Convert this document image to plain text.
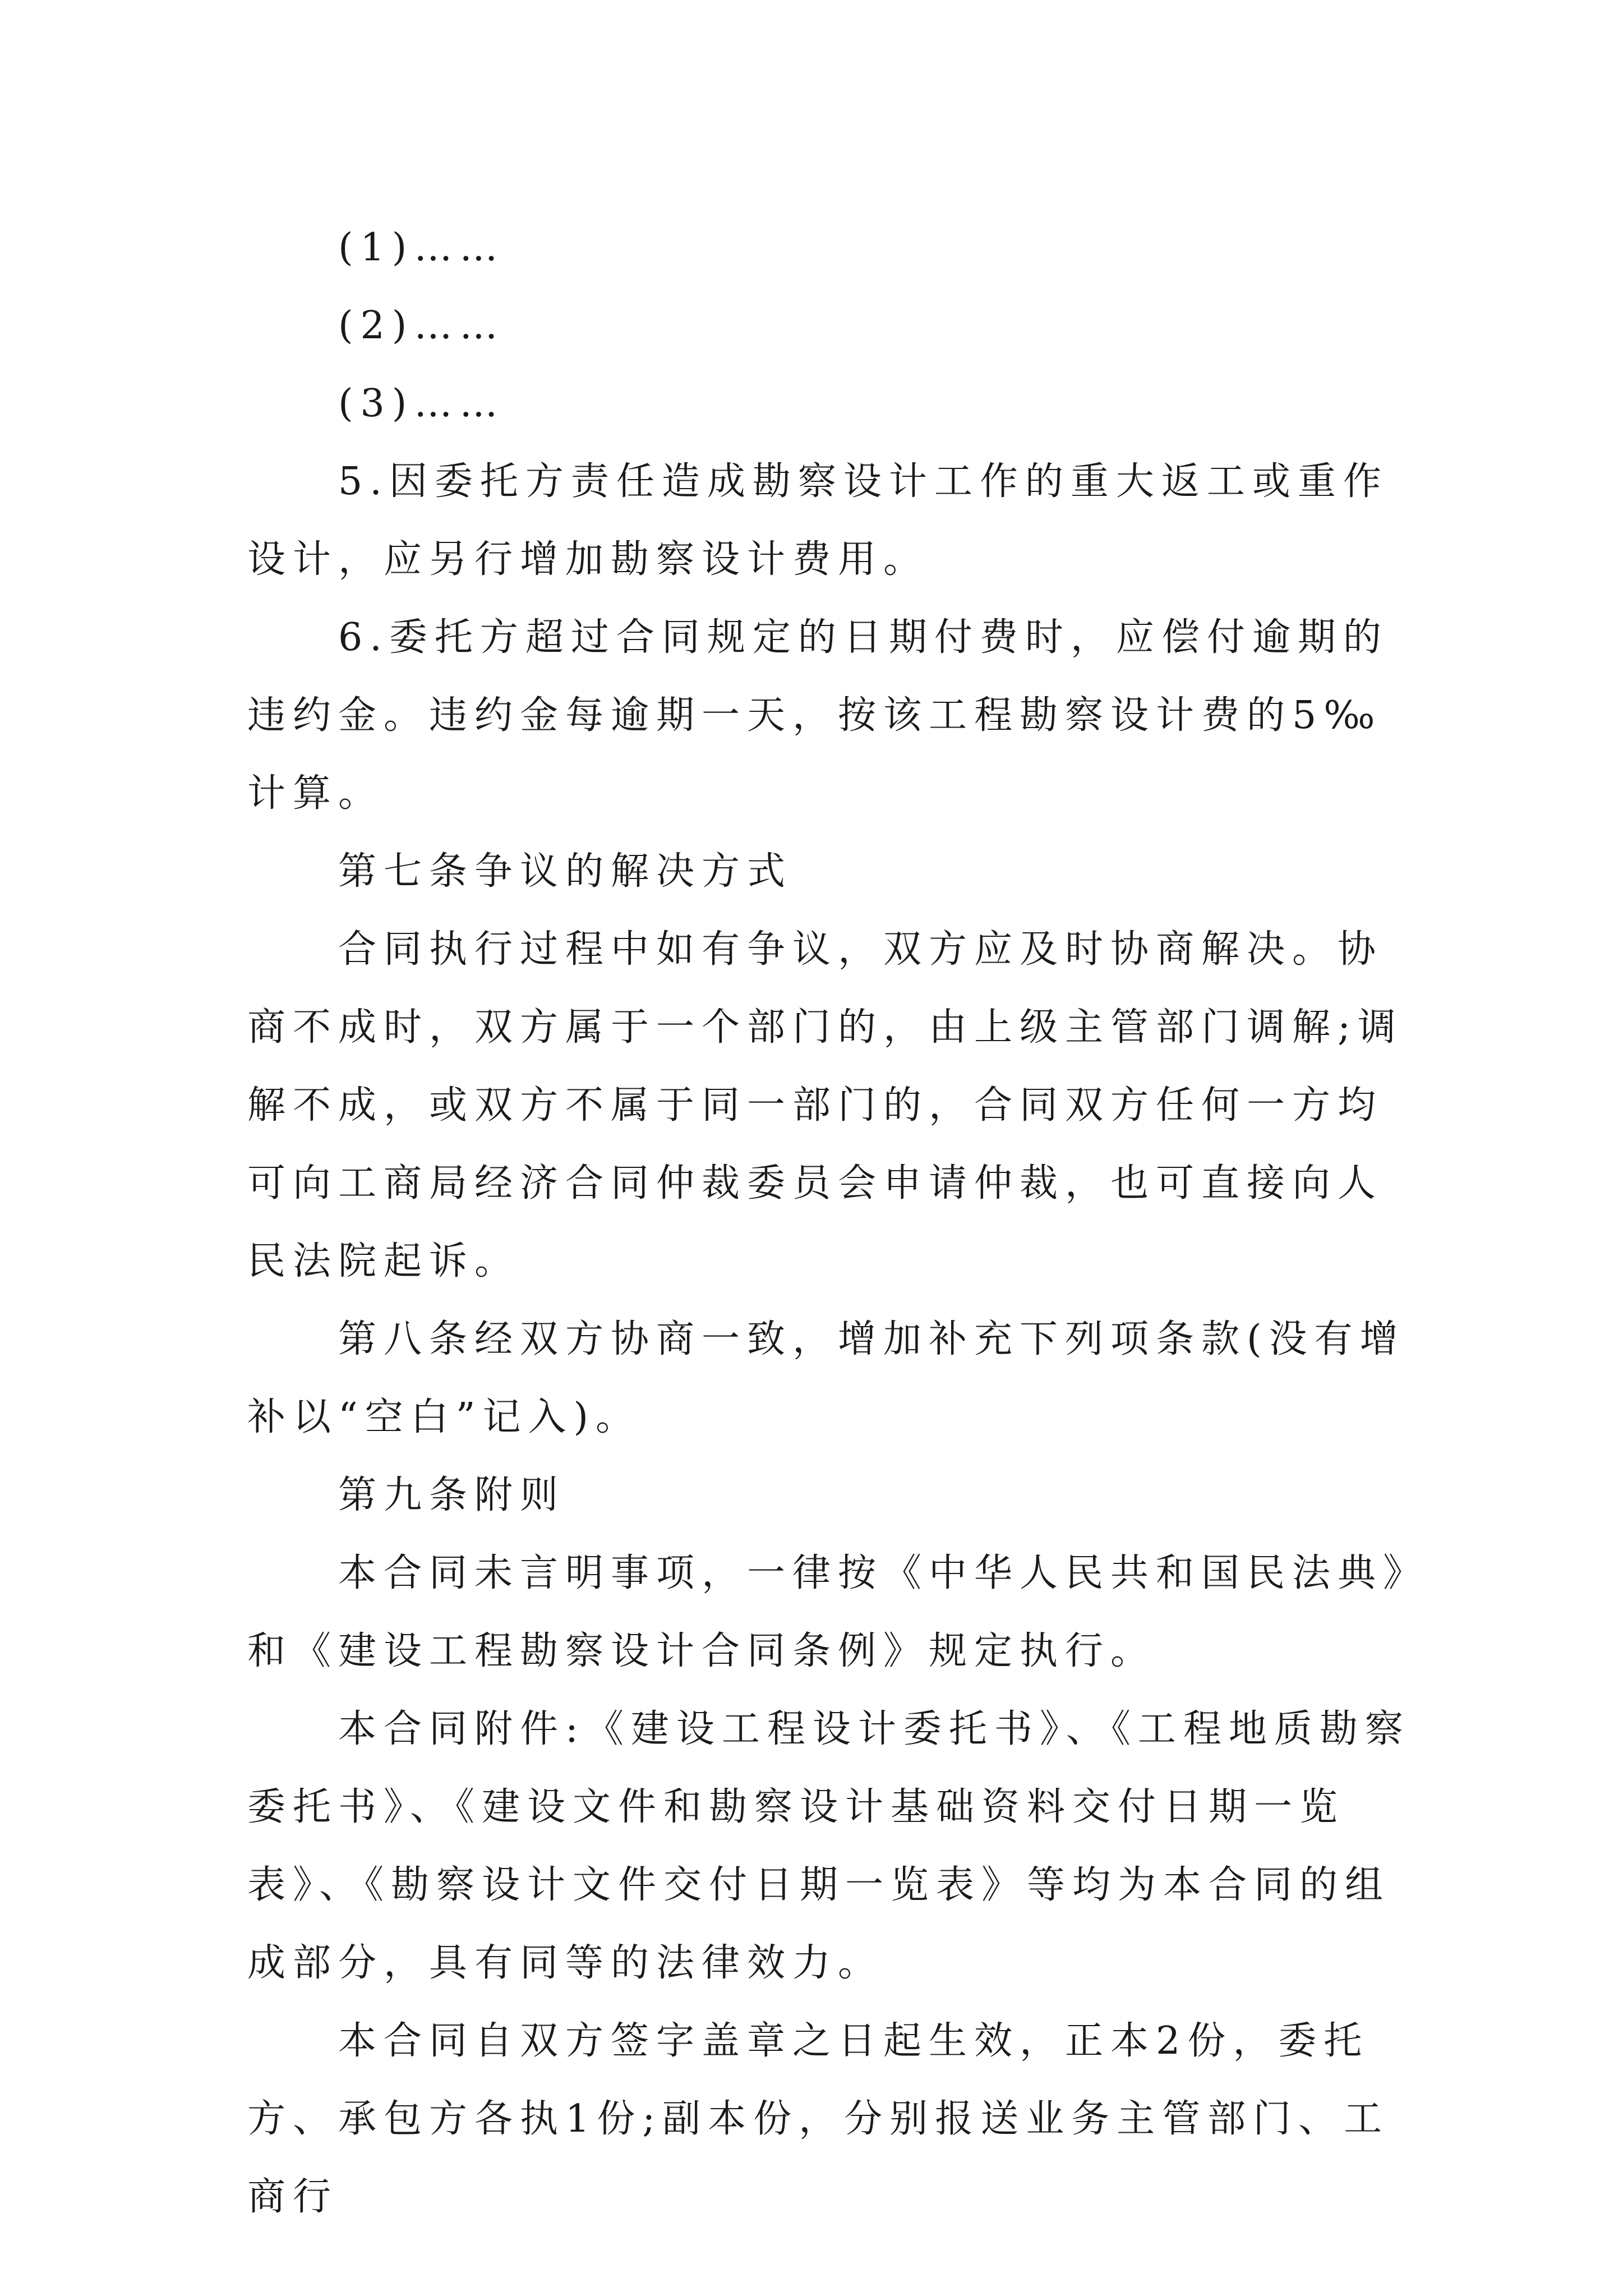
(1)……

(2)……

(3)……

5.因委托方责任造成勘察设计工作的重大返工或重作设计，应另行增加勘察设计费用。

6.委托方超过合同规定的日期付费时，应偿付逾期的违约金。违约金每逾期一天，按该工程勘察设计费的5‰计算。

第七条争议的解决方式

合同执行过程中如有争议，双方应及时协商解决。协商不成时，双方属于一个部门的，由上级主管部门调解;调解不成，或双方不属于同一部门的，合同双方任何一方均可向工商局经济合同仲裁委员会申请仲裁，也可直接向人民法院起诉。

第八条经双方协商一致，增加补充下列项条款(没有增补以“空白”记入)。

第九条附则

本合同未言明事项，一律按《中华人民共和国民法典》和《建设工程勘察设计合同条例》规定执行。

本合同附件:《建设工程设计委托书》、《工程地质勘察委托书》、《建设文件和勘察设计基础资料交付日期一览表》、《勘察设计文件交付日期一览表》等均为本合同的组成部分，具有同等的法律效力。

本合同自双方签字盖章之日起生效，正本2份，委托方、承包方各执1份;副本份，分别报送业务主管部门、工商行
